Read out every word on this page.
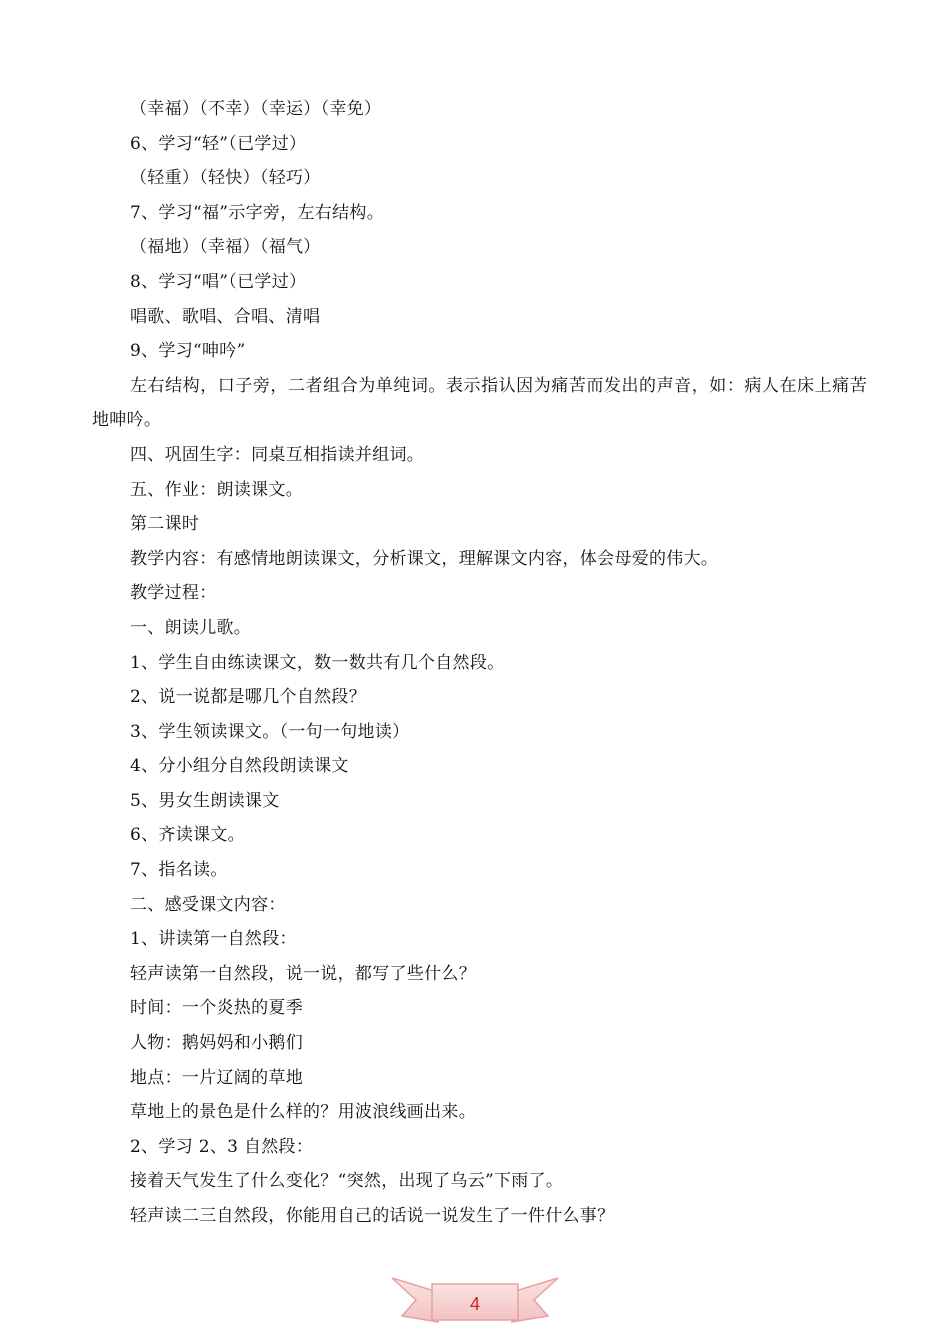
（幸福）（不幸）（幸运）（幸免）
6、学习“轻”（已学过）
（轻重）（轻快）（轻巧）
7、学习“福”示字旁，左右结构。
（福地）（幸福）（福气）
8、学习“唱”（已学过）
唱歌、歌唱、合唱、清唱
9、学习“呻吟”
左右结构，口子旁，二者组合为单纯词。表示指认因为痛苦而发出的声音，如：病人在床上痛苦地呻吟。
四、巩固生字：同桌互相指读并组词。
五、作业：朗读课文。
第二课时
教学内容：有感情地朗读课文，分析课文，理解课文内容，体会母爱的伟大。
教学过程：
一、朗读儿歌。
1、学生自由练读课文，数一数共有几个自然段。
2、说一说都是哪几个自然段？
3、学生领读课文。（一句一句地读）
4、分小组分自然段朗读课文
5、男女生朗读课文
6、齐读课文。
7、指名读。
二、感受课文内容：
1、讲读第一自然段：
轻声读第一自然段，说一说，都写了些什么？
时间：一个炎热的夏季
人物：鹅妈妈和小鹅们
地点：一片辽阔的草地
草地上的景色是什么样的？用波浪线画出来。
2、学习 2、3 自然段：
接着天气发生了什么变化？“突然，出现了乌云”下雨了。
轻声读二三自然段，你能用自己的话说一说发生了一件什么事？
4
